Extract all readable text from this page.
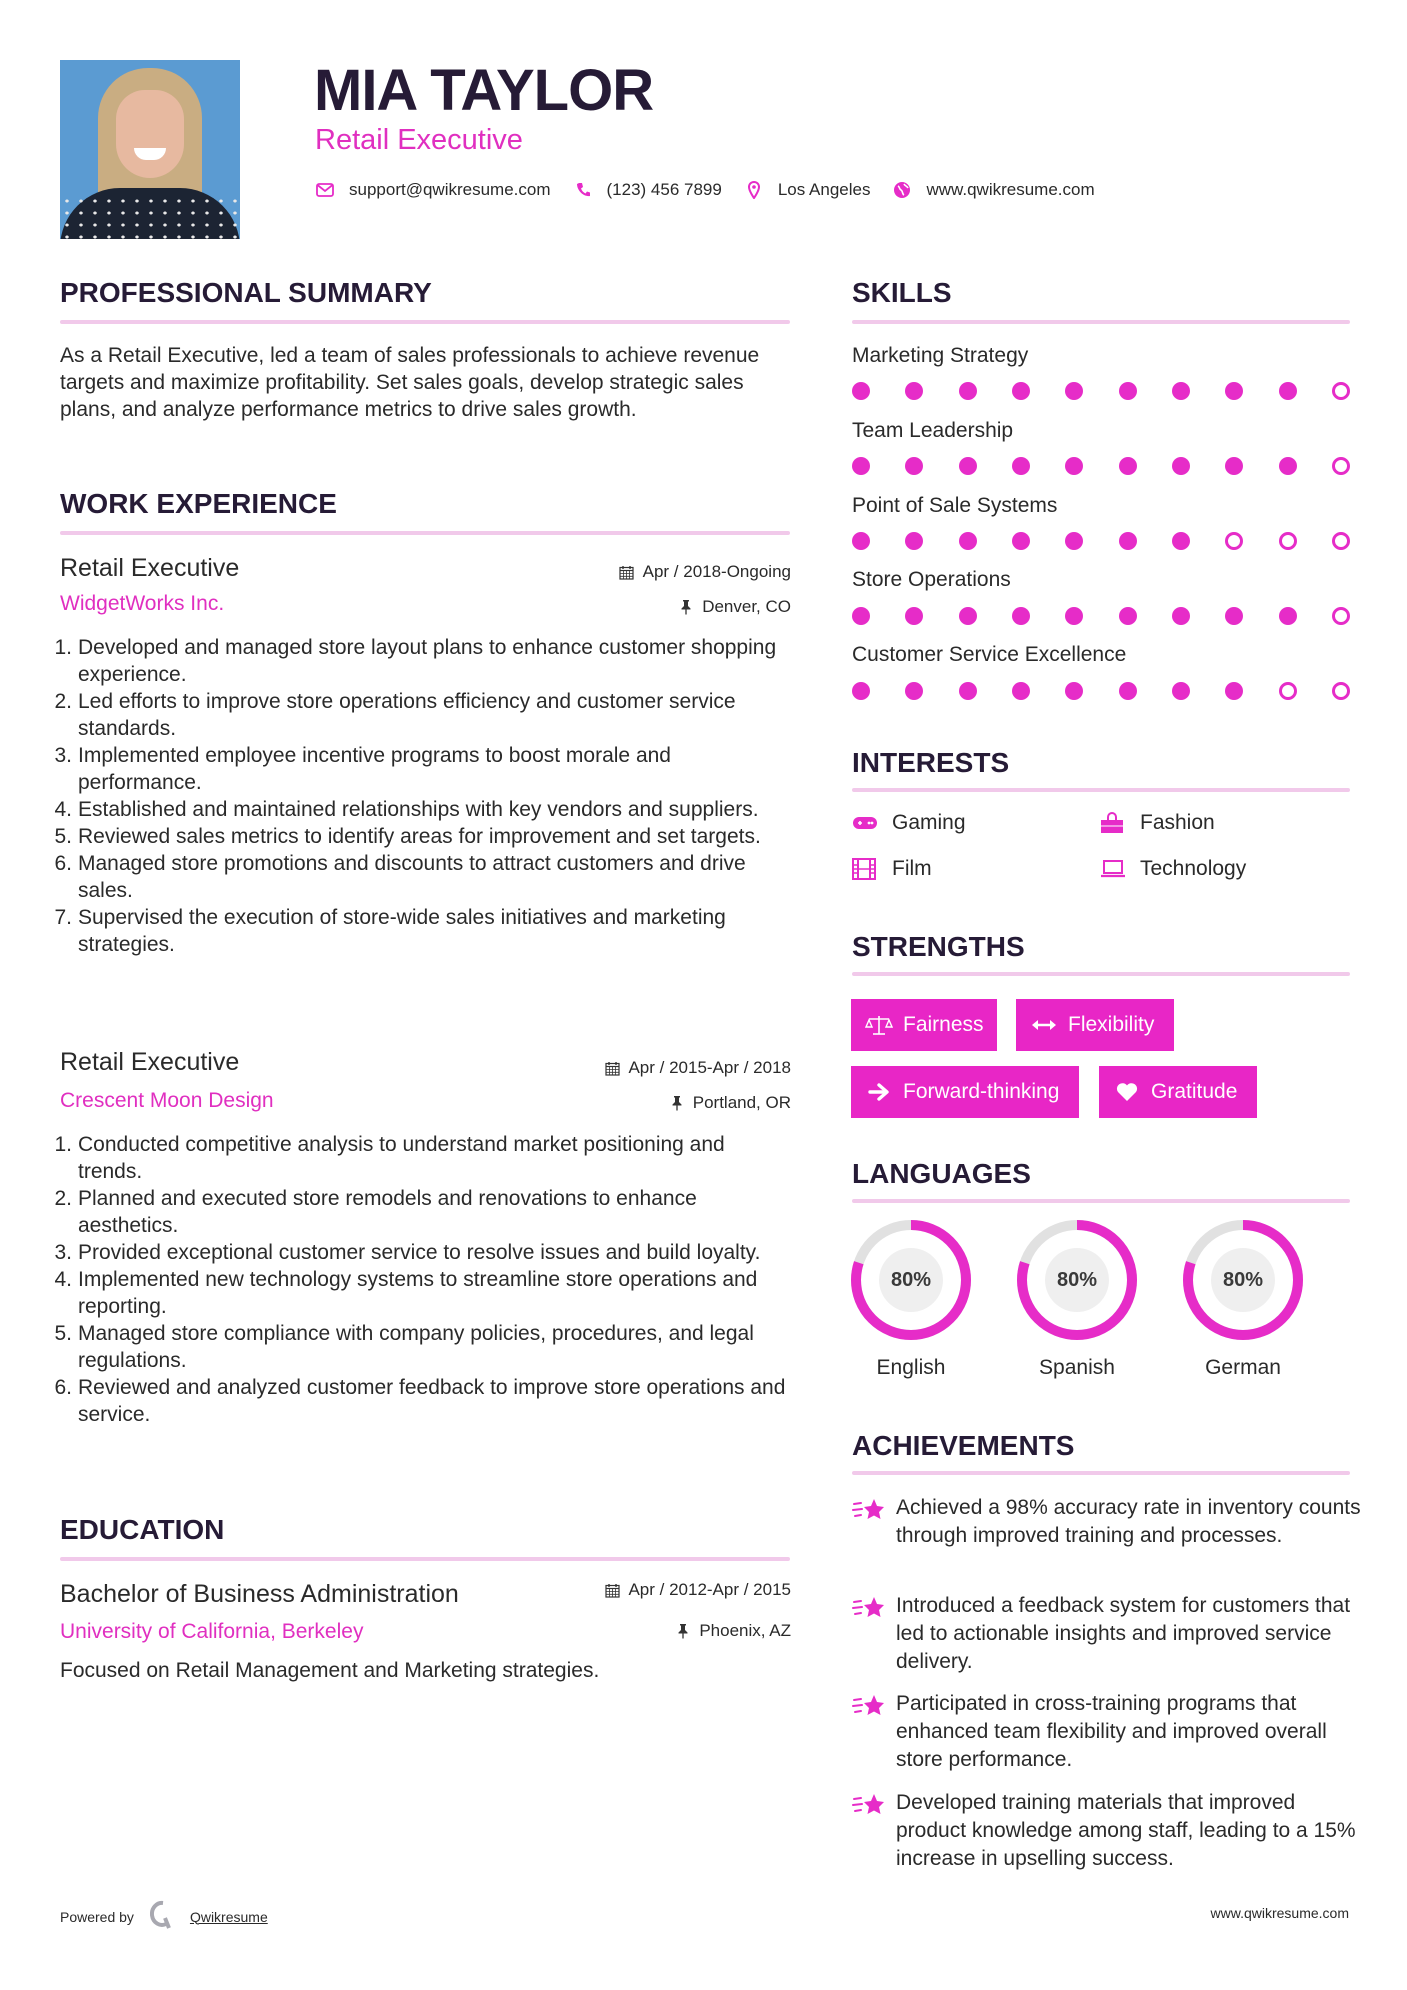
MIA TAYLOR
Retail Executive
support@qwikresume.com	(123) 456 7899	Los Angeles	www.qwikresume.com
PROFESSIONAL SUMMARY
As a Retail Executive, led a team of sales professionals to achieve revenue targets and maximize profitability. Set sales goals, develop strategic sales plans, and analyze performance metrics to drive sales growth.
WORK EXPERIENCE
Retail Executive	Apr / 2018-Ongoing
WidgetWorks Inc.	Denver, CO
1. Developed and managed store layout plans to enhance customer shopping experience.
2. Led efforts to improve store operations efficiency and customer service standards.
3. Implemented employee incentive programs to boost morale and performance.
4. Established and maintained relationships with key vendors and suppliers.
5. Reviewed sales metrics to identify areas for improvement and set targets.
6. Managed store promotions and discounts to attract customers and drive sales.
7. Supervised the execution of store-wide sales initiatives and marketing strategies.
Retail Executive	Apr / 2015-Apr / 2018
Crescent Moon Design	Portland, OR
1. Conducted competitive analysis to understand market positioning and trends.
2. Planned and executed store remodels and renovations to enhance aesthetics.
3. Provided exceptional customer service to resolve issues and build loyalty.
4. Implemented new technology systems to streamline store operations and reporting.
5. Managed store compliance with company policies, procedures, and legal regulations.
6. Reviewed and analyzed customer feedback to improve store operations and service.
EDUCATION
Bachelor of Business Administration	Apr / 2012-Apr / 2015
University of California, Berkeley	Phoenix, AZ
Focused on Retail Management and Marketing strategies.
SKILLS
Marketing Strategy
Team Leadership
Point of Sale Systems
Store Operations
Customer Service Excellence
INTERESTS
Gaming	Fashion
Film	Technology
STRENGTHS
Fairness	Flexibility
Forward-thinking	Gratitude
LANGUAGES
80%
English
80%
Spanish
80%
German
ACHIEVEMENTS
Achieved a 98% accuracy rate in inventory counts through improved training and processes.
Introduced a feedback system for customers that led to actionable insights and improved service delivery.
Participated in cross-training programs that enhanced team flexibility and improved overall store performance.
Developed training materials that improved product knowledge among staff, leading to a 15% increase in upselling success.
Powered by	Qwikresume	www.qwikresume.com
